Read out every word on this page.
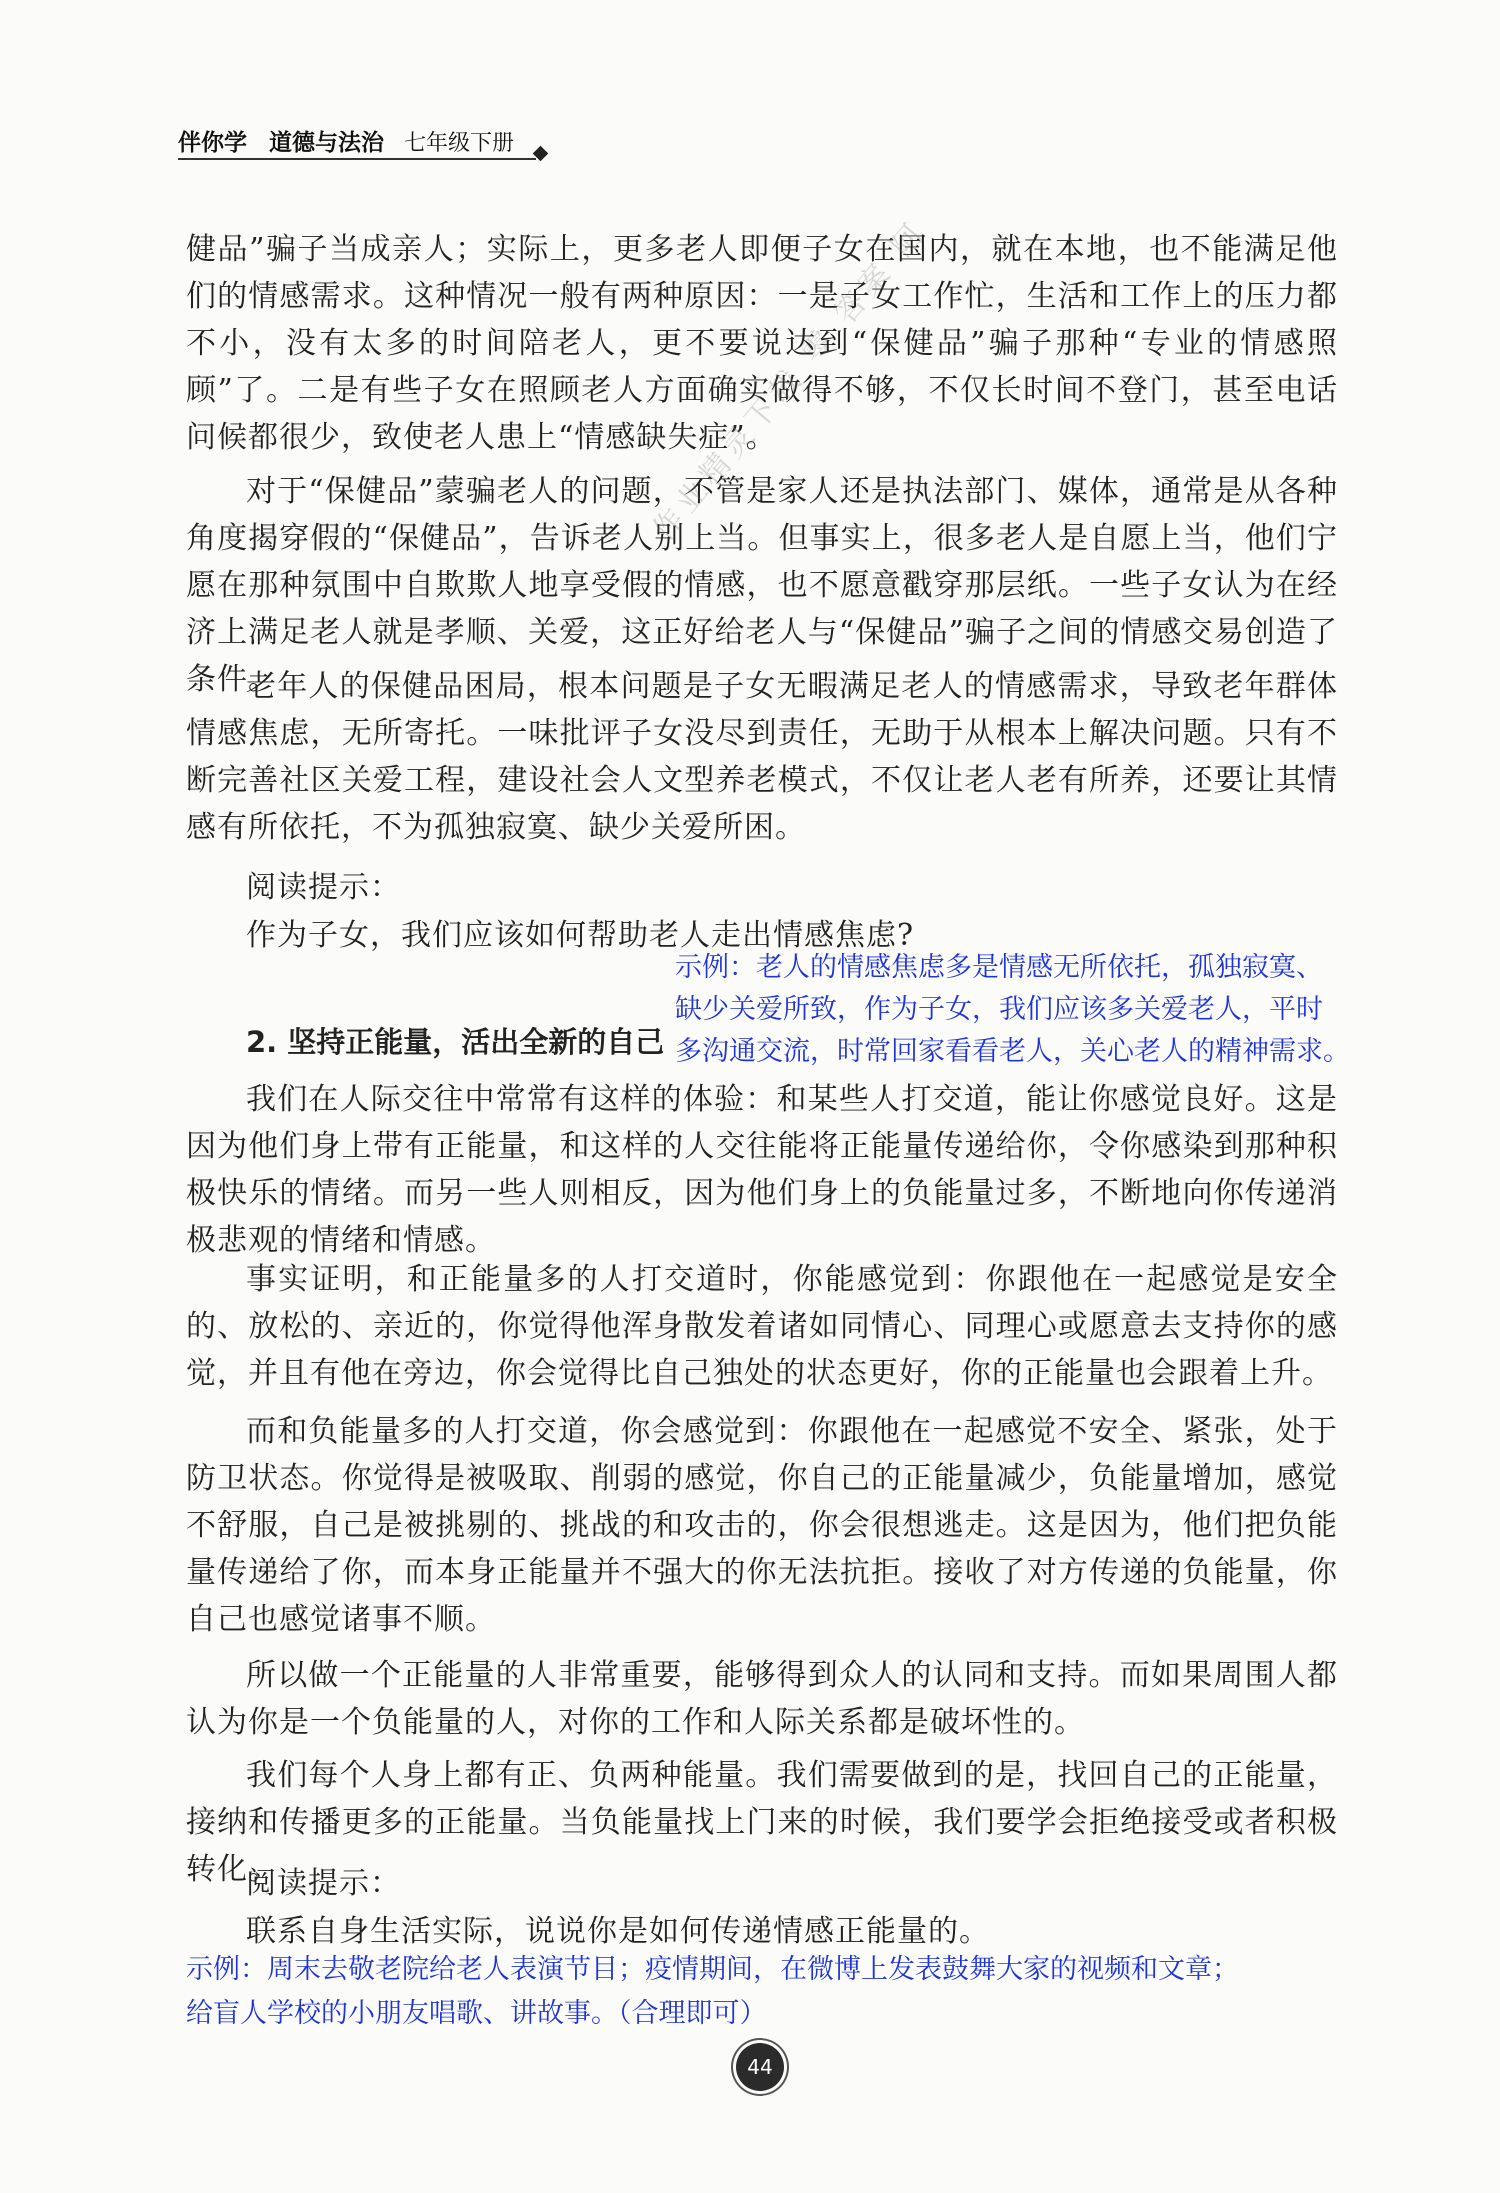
伴你学 道德与法治 七年级下册

健品”骗子当成亲人；实际上，更多老人即便子女在国内，就在本地，也不能满足他们的情感需求。这种情况一般有两种原因：一是子女工作忙，生活和工作上的压力都不小，没有太多的时间陪老人，更不要说达到“保健品”骗子那种“专业的情感照顾”了。二是有些子女在照顾老人方面确实做得不够，不仅长时间不登门，甚至电话问候都很少，致使老人患上“情感缺失症”。

对于“保健品”蒙骗老人的问题，不管是家人还是执法部门、媒体，通常是从各种角度揭穿假的“保健品”，告诉老人别上当。但事实上，很多老人是自愿上当，他们宁愿在那种氛围中自欺欺人地享受假的情感，也不愿意戳穿那层纸。一些子女认为在经济上满足老人就是孝顺、关爱，这正好给老人与“保健品”骗子之间的情感交易创造了条件。

老年人的保健品困局，根本问题是子女无暇满足老人的情感需求，导致老年群体情感焦虑，无所寄托。一味批评子女没尽到责任，无助于从根本上解决问题。只有不断完善社区关爱工程，建设社会人文型养老模式，不仅让老人老有所养，还要让其情感有所依托，不为孤独寂寞、缺少关爱所困。

阅读提示：

作为子女，我们应该如何帮助老人走出情感焦虑?

示例：老人的情感焦虑多是情感无所依托，孤独寂寞、

缺少关爱所致，作为子女，我们应该多关爱老人，平时

多沟通交流，时常回家看看老人，关心老人的精神需求。

2. 坚持正能量，活出全新的自己

我们在人际交往中常常有这样的体验：和某些人打交道，能让你感觉良好。这是因为他们身上带有正能量，和这样的人交往能将正能量传递给你，令你感染到那种积极快乐的情绪。而另一些人则相反，因为他们身上的负能量过多，不断地向你传递消极悲观的情绪和情感。

事实证明，和正能量多的人打交道时，你能感觉到：你跟他在一起感觉是安全的、放松的、亲近的，你觉得他浑身散发着诸如同情心、同理心或愿意去支持你的感觉，并且有他在旁边，你会觉得比自己独处的状态更好，你的正能量也会跟着上升。

而和负能量多的人打交道，你会感觉到：你跟他在一起感觉不安全、紧张，处于防卫状态。你觉得是被吸取、削弱的感觉，你自己的正能量减少，负能量增加，感觉不舒服，自己是被挑剔的、挑战的和攻击的，你会很想逃走。这是因为，他们把负能量传递给了你，而本身正能量并不强大的你无法抗拒。接收了对方传递的负能量，你自己也感觉诸事不顺。

所以做一个正能量的人非常重要，能够得到众人的认同和支持。而如果周围人都认为你是一个负能量的人，对你的工作和人际关系都是破坏性的。

我们每个人身上都有正、负两种能量。我们需要做到的是，找回自己的正能量，接纳和传播更多的正能量。当负能量找上门来的时候，我们要学会拒绝接受或者积极转化。

阅读提示：

联系自身生活实际，说说你是如何传递情感正能量的。

示例：周末去敬老院给老人表演节目；疫情期间，在微博上发表鼓舞大家的视频和文章；

给盲人学校的小朋友唱歌、讲故事。（合理即可）

作业精灵下载 零 答案 阿
44
